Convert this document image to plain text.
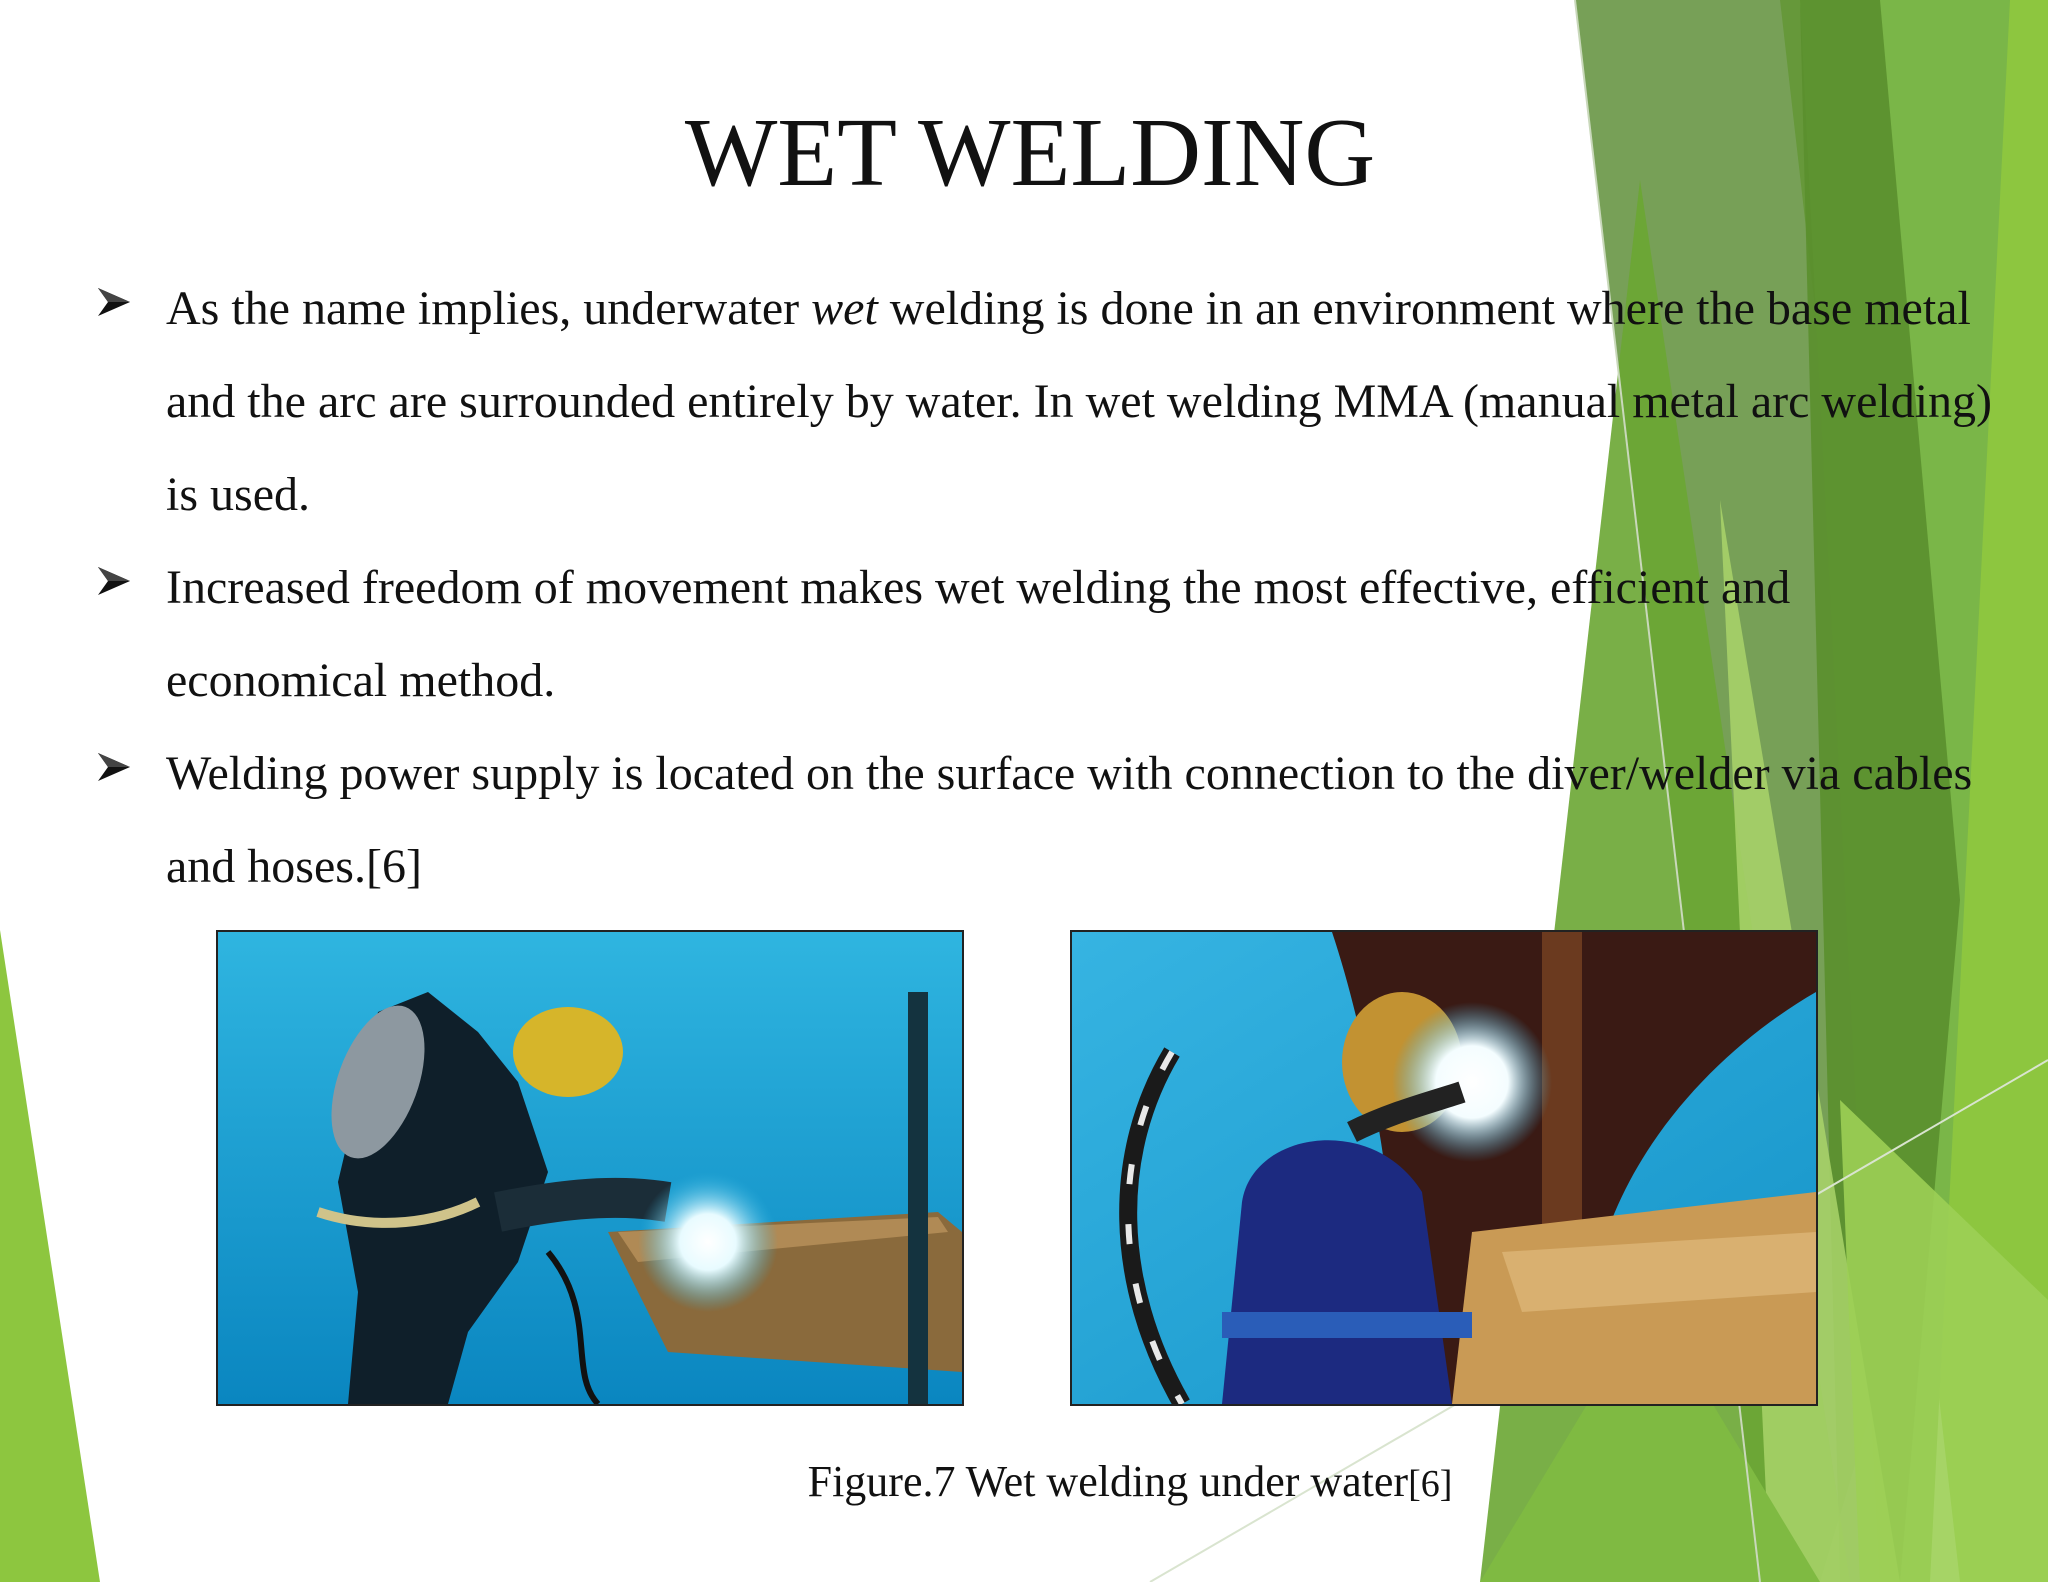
WET WELDING
As the name implies, underwater wet welding is done in an environment where the base metal and the arc are surrounded entirely by water. In wet welding MMA (manual metal arc welding) is used.
Increased freedom of movement makes wet welding the most effective, efficient and economical method.
Welding power supply is located on the surface with connection to the diver/welder via cables and hoses.[6]
Figure.7 Wet welding under water[6]
